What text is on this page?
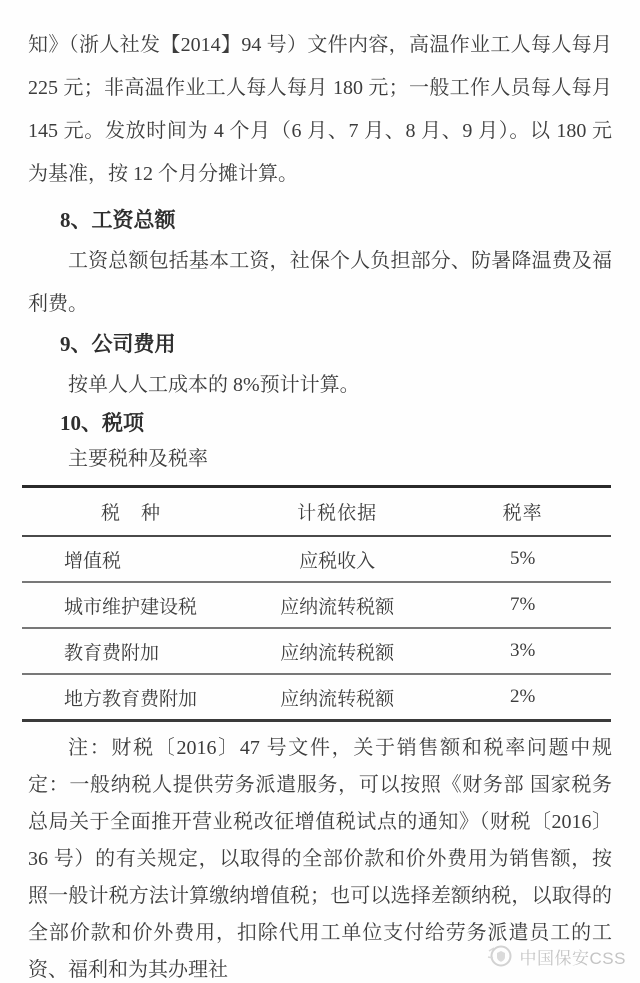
知》（浙人社发【2014】94 号）文件内容，高温作业工人每人每月 225 元；非高温作业工人每人每月 180 元；一般工作人员每人每月 145 元。发放时间为 4 个月（6 月、7 月、8 月、9 月）。以 180 元为基准，按 12 个月分摊计算。

8、工资总额

工资总额包括基本工资，社保个人负担部分、防暑降温费及福利费。

9、公司费用

按单人人工成本的 8%预计计算。

10、税项

主要税种及税率

税　种	计税依据	税率
增值税	应税收入	5%
城市维护建设税	应纳流转税额	7%
教育费附加	应纳流转税额	3%
地方教育费附加	应纳流转税额	2%

注：财税〔2016〕47 号文件，关于销售额和税率问题中规定：一般纳税人提供劳务派遣服务，可以按照《财务部 国家税务总局关于全面推开营业税改征增值税试点的通知》（财税〔2016〕36 号）的有关规定，以取得的全部价款和价外费用为销售额，按照一般计税方法计算缴纳增值税；也可以选择差额纳税，以取得的全部价款和价外费用，扣除代用工单位支付给劳务派遣员工的工资、福利和为其办理社

中国保安CSS
